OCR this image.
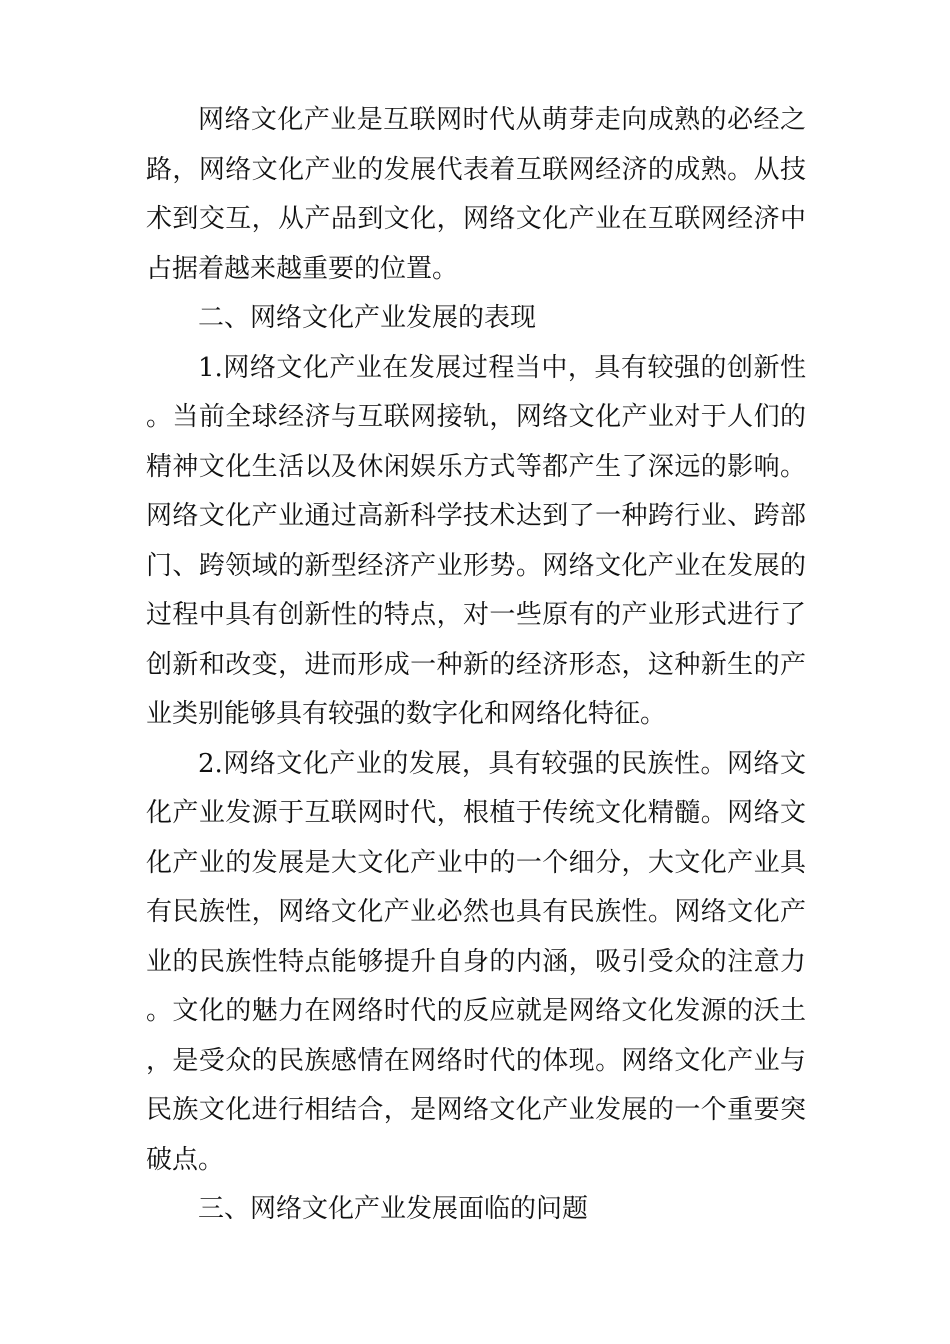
网络文化产业是互联网时代从萌芽走向成熟的必经之路，网络文化产业的发展代表着互联网经济的成熟。从技术到交互，从产品到文化，网络文化产业在互联网经济中占据着越来越重要的位置。

二、网络文化产业发展的表现

1.网络文化产业在发展过程当中，具有较强的创新性。当前全球经济与互联网接轨，网络文化产业对于人们的精神文化生活以及休闲娱乐方式等都产生了深远的影响。网络文化产业通过高新科学技术达到了一种跨行业、跨部门、跨领域的新型经济产业形势。网络文化产业在发展的过程中具有创新性的特点，对一些原有的产业形式进行了创新和改变，进而形成一种新的经济形态，这种新生的产业类别能够具有较强的数字化和网络化特征。

2.网络文化产业的发展，具有较强的民族性。网络文化产业发源于互联网时代，根植于传统文化精髓。网络文化产业的发展是大文化产业中的一个细分，大文化产业具有民族性，网络文化产业必然也具有民族性。网络文化产业的民族性特点能够提升自身的内涵，吸引受众的注意力。文化的魅力在网络时代的反应就是网络文化发源的沃土，是受众的民族感情在网络时代的体现。网络文化产业与民族文化进行相结合，是网络文化产业发展的一个重要突破点。

三、网络文化产业发展面临的问题
